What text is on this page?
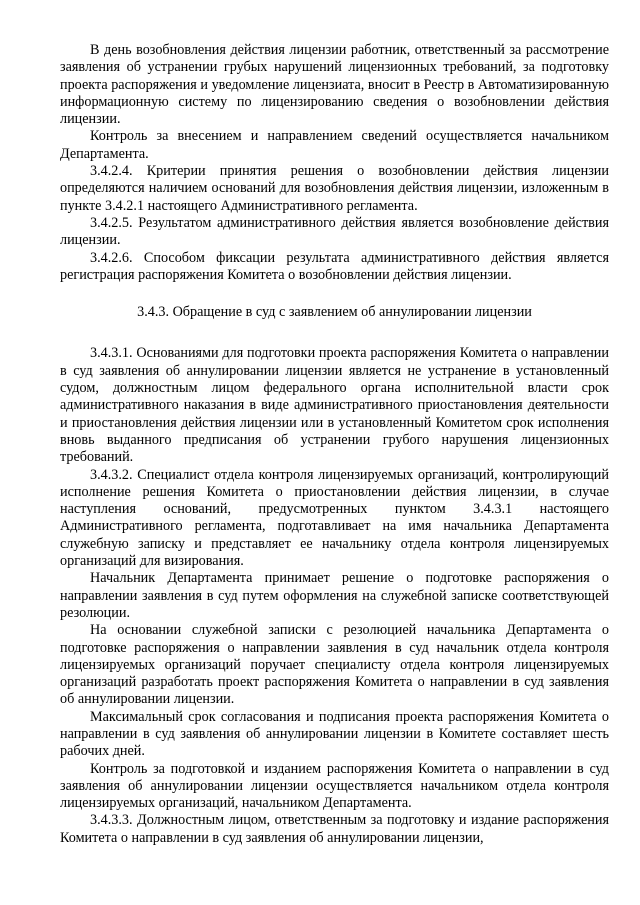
В день возобновления действия лицензии работник, ответственный за рассмотрение заявления об устранении грубых нарушений лицензионных требований, за подготовку проекта распоряжения и уведомление лицензиата, вносит в Реестр в Автоматизированную информационную систему по лицензированию сведения о возобновлении действия лицензии.

Контроль за внесением и направлением сведений осуществляется начальником Департамента.

3.4.2.4. Критерии принятия решения о возобновлении действия лицензии определяются наличием оснований для возобновления действия лицензии, изложенным в пункте 3.4.2.1 настоящего Административного регламента.

3.4.2.5. Результатом административного действия является возобновление действия лицензии.

3.4.2.6. Способом фиксации результата административного действия является регистрация распоряжения Комитета о возобновлении действия лицензии.

3.4.3. Обращение в суд с заявлением об аннулировании лицензии

3.4.3.1. Основаниями для подготовки проекта распоряжения Комитета о направлении в суд заявления об аннулировании лицензии является не устранение в установленный судом, должностным лицом федерального органа исполнительной власти срок административного наказания в виде административного приостановления деятельности и приостановления действия лицензии или в установленный Комитетом срок исполнения вновь выданного предписания об устранении грубого нарушения лицензионных требований.

3.4.3.2. Специалист отдела контроля лицензируемых организаций, контролирующий исполнение решения Комитета о приостановлении действия лицензии, в случае наступления оснований, предусмотренных пунктом 3.4.3.1 настоящего Административного регламента, подготавливает на имя начальника Департамента служебную записку и представляет ее начальнику отдела контроля лицензируемых организаций для визирования.

Начальник Департамента принимает решение о подготовке распоряжения о направлении заявления в суд путем оформления на служебной записке соответствующей резолюции.

На основании служебной записки с резолюцией начальника Департамента о подготовке распоряжения о направлении заявления в суд начальник отдела контроля лицензируемых организаций поручает специалисту отдела контроля лицензируемых организаций разработать проект распоряжения Комитета о направлении в суд заявления об аннулировании лицензии.

Максимальный срок согласования и подписания проекта распоряжения Комитета о направлении в суд заявления об аннулировании лицензии в Комитете составляет шесть рабочих дней.

Контроль за подготовкой и изданием распоряжения Комитета о направлении в суд заявления об аннулировании лицензии осуществляется начальником отдела контроля лицензируемых организаций, начальником Департамента.

3.4.3.3. Должностным лицом, ответственным за подготовку и издание распоряжения Комитета о направлении в суд заявления об аннулировании лицензии,
